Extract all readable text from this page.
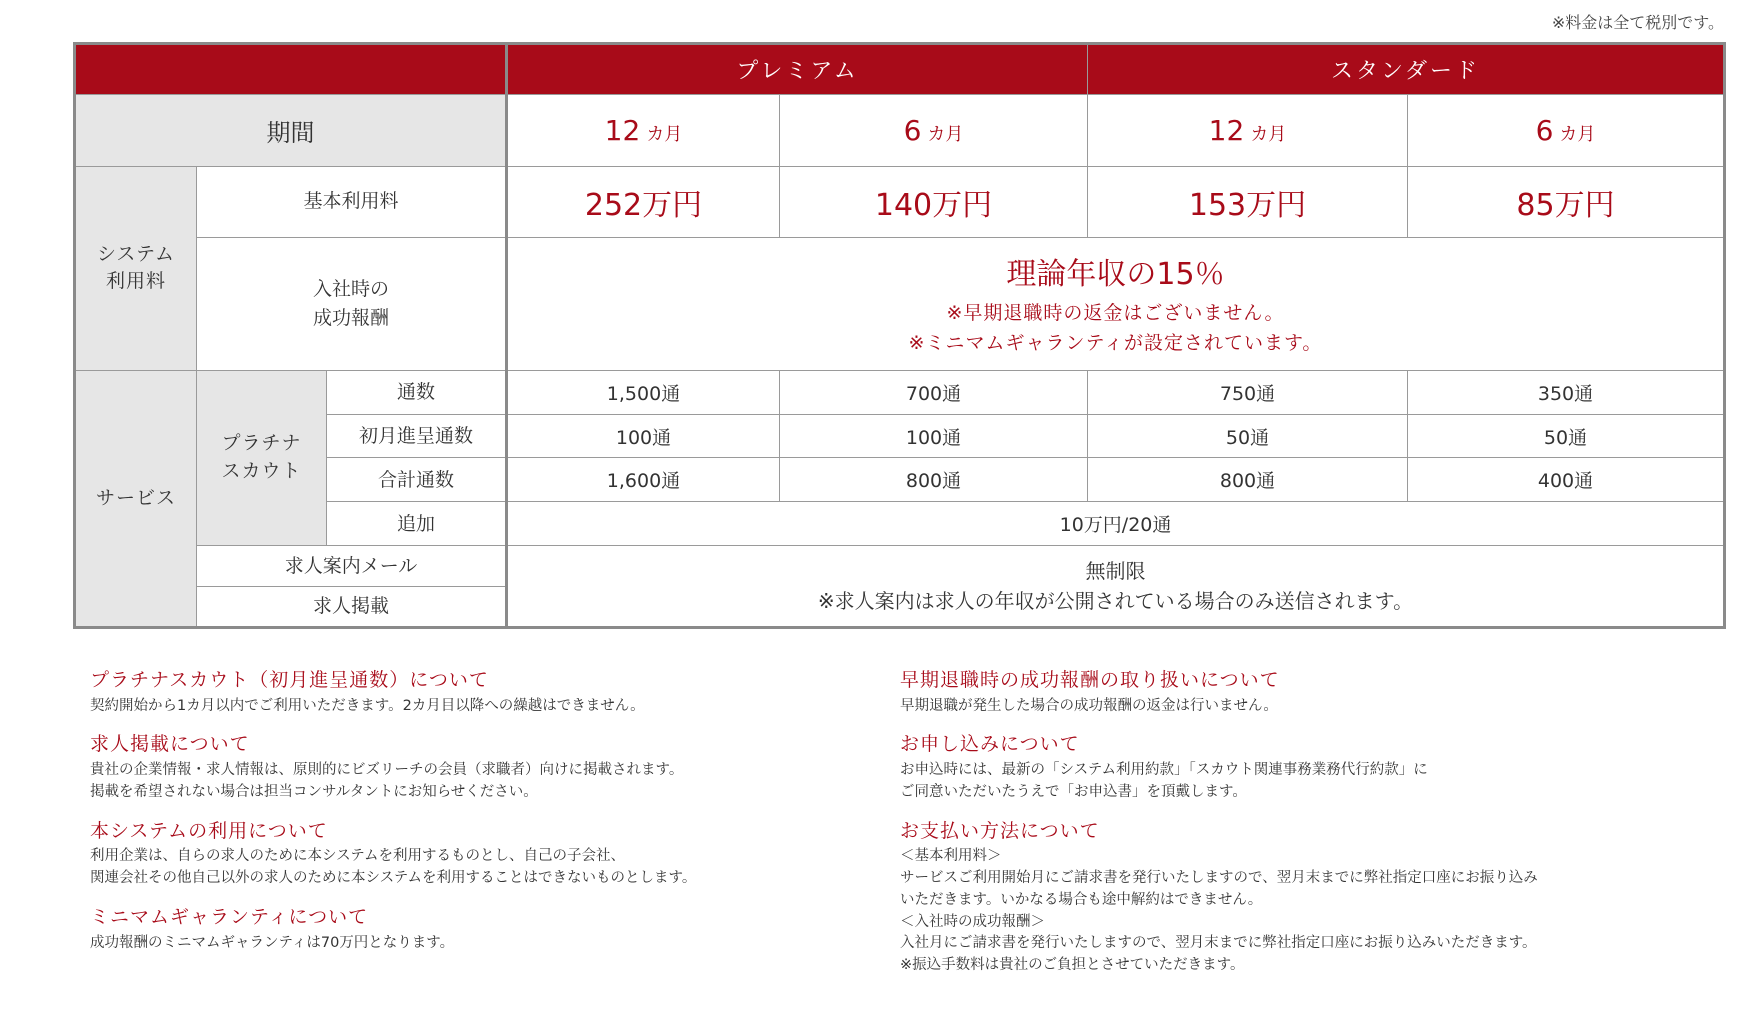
※料金は全て税別です。
			プレミアム		スタンダード	
期間			12 カ月	6 カ月	12 カ月	6 カ月
システム
利用料	基本利用料		252万円	140万円	153万円	85万円
	入社時の
成功報酬		理論年収の15％
※早期退職時の返金はございません。
※ミニマムギャランティが設定されています。			

サービス	プラチナ
スカウト	通数	1,500通	700通	750通	350通
		初月進呈通数	100通	100通	50通	50通
		合計通数	1,600通	800通	800通	400通
		追加	10万円/20通			
	求人案内メール		無制限
※求人案内は求人の年収が公開されている場合のみ送信されます。			

	求人掲載					
プラチナスカウト（初月進呈通数）について
契約開始から1カ月以内でご利用いただきます。2カ月目以降への繰越はできません。
求人掲載について
貴社の企業情報・求人情報は、原則的にビズリーチの会員（求職者）向けに掲載されます。
掲載を希望されない場合は担当コンサルタントにお知らせください。
本システムの利用について
利用企業は、自らの求人のために本システムを利用するものとし、自己の子会社、
関連会社その他自己以外の求人のために本システムを利用することはできないものとします。
ミニマムギャランティについて
成功報酬のミニマムギャランティは70万円となります。
早期退職時の成功報酬の取り扱いについて
早期退職が発生した場合の成功報酬の返金は行いません。
お申し込みについて
お申込時には、最新の「システム利用約款」「スカウト関連事務業務代行約款」に
ご同意いただいたうえで「お申込書」を頂戴します。
お支払い方法について
＜基本利用料＞
サービスご利用開始月にご請求書を発行いたしますので、翌月末までに弊社指定口座にお振り込み
いただきます。いかなる場合も途中解約はできません。
＜入社時の成功報酬＞
入社月にご請求書を発行いたしますので、翌月末までに弊社指定口座にお振り込みいただきます。
※振込手数料は貴社のご負担とさせていただきます。
